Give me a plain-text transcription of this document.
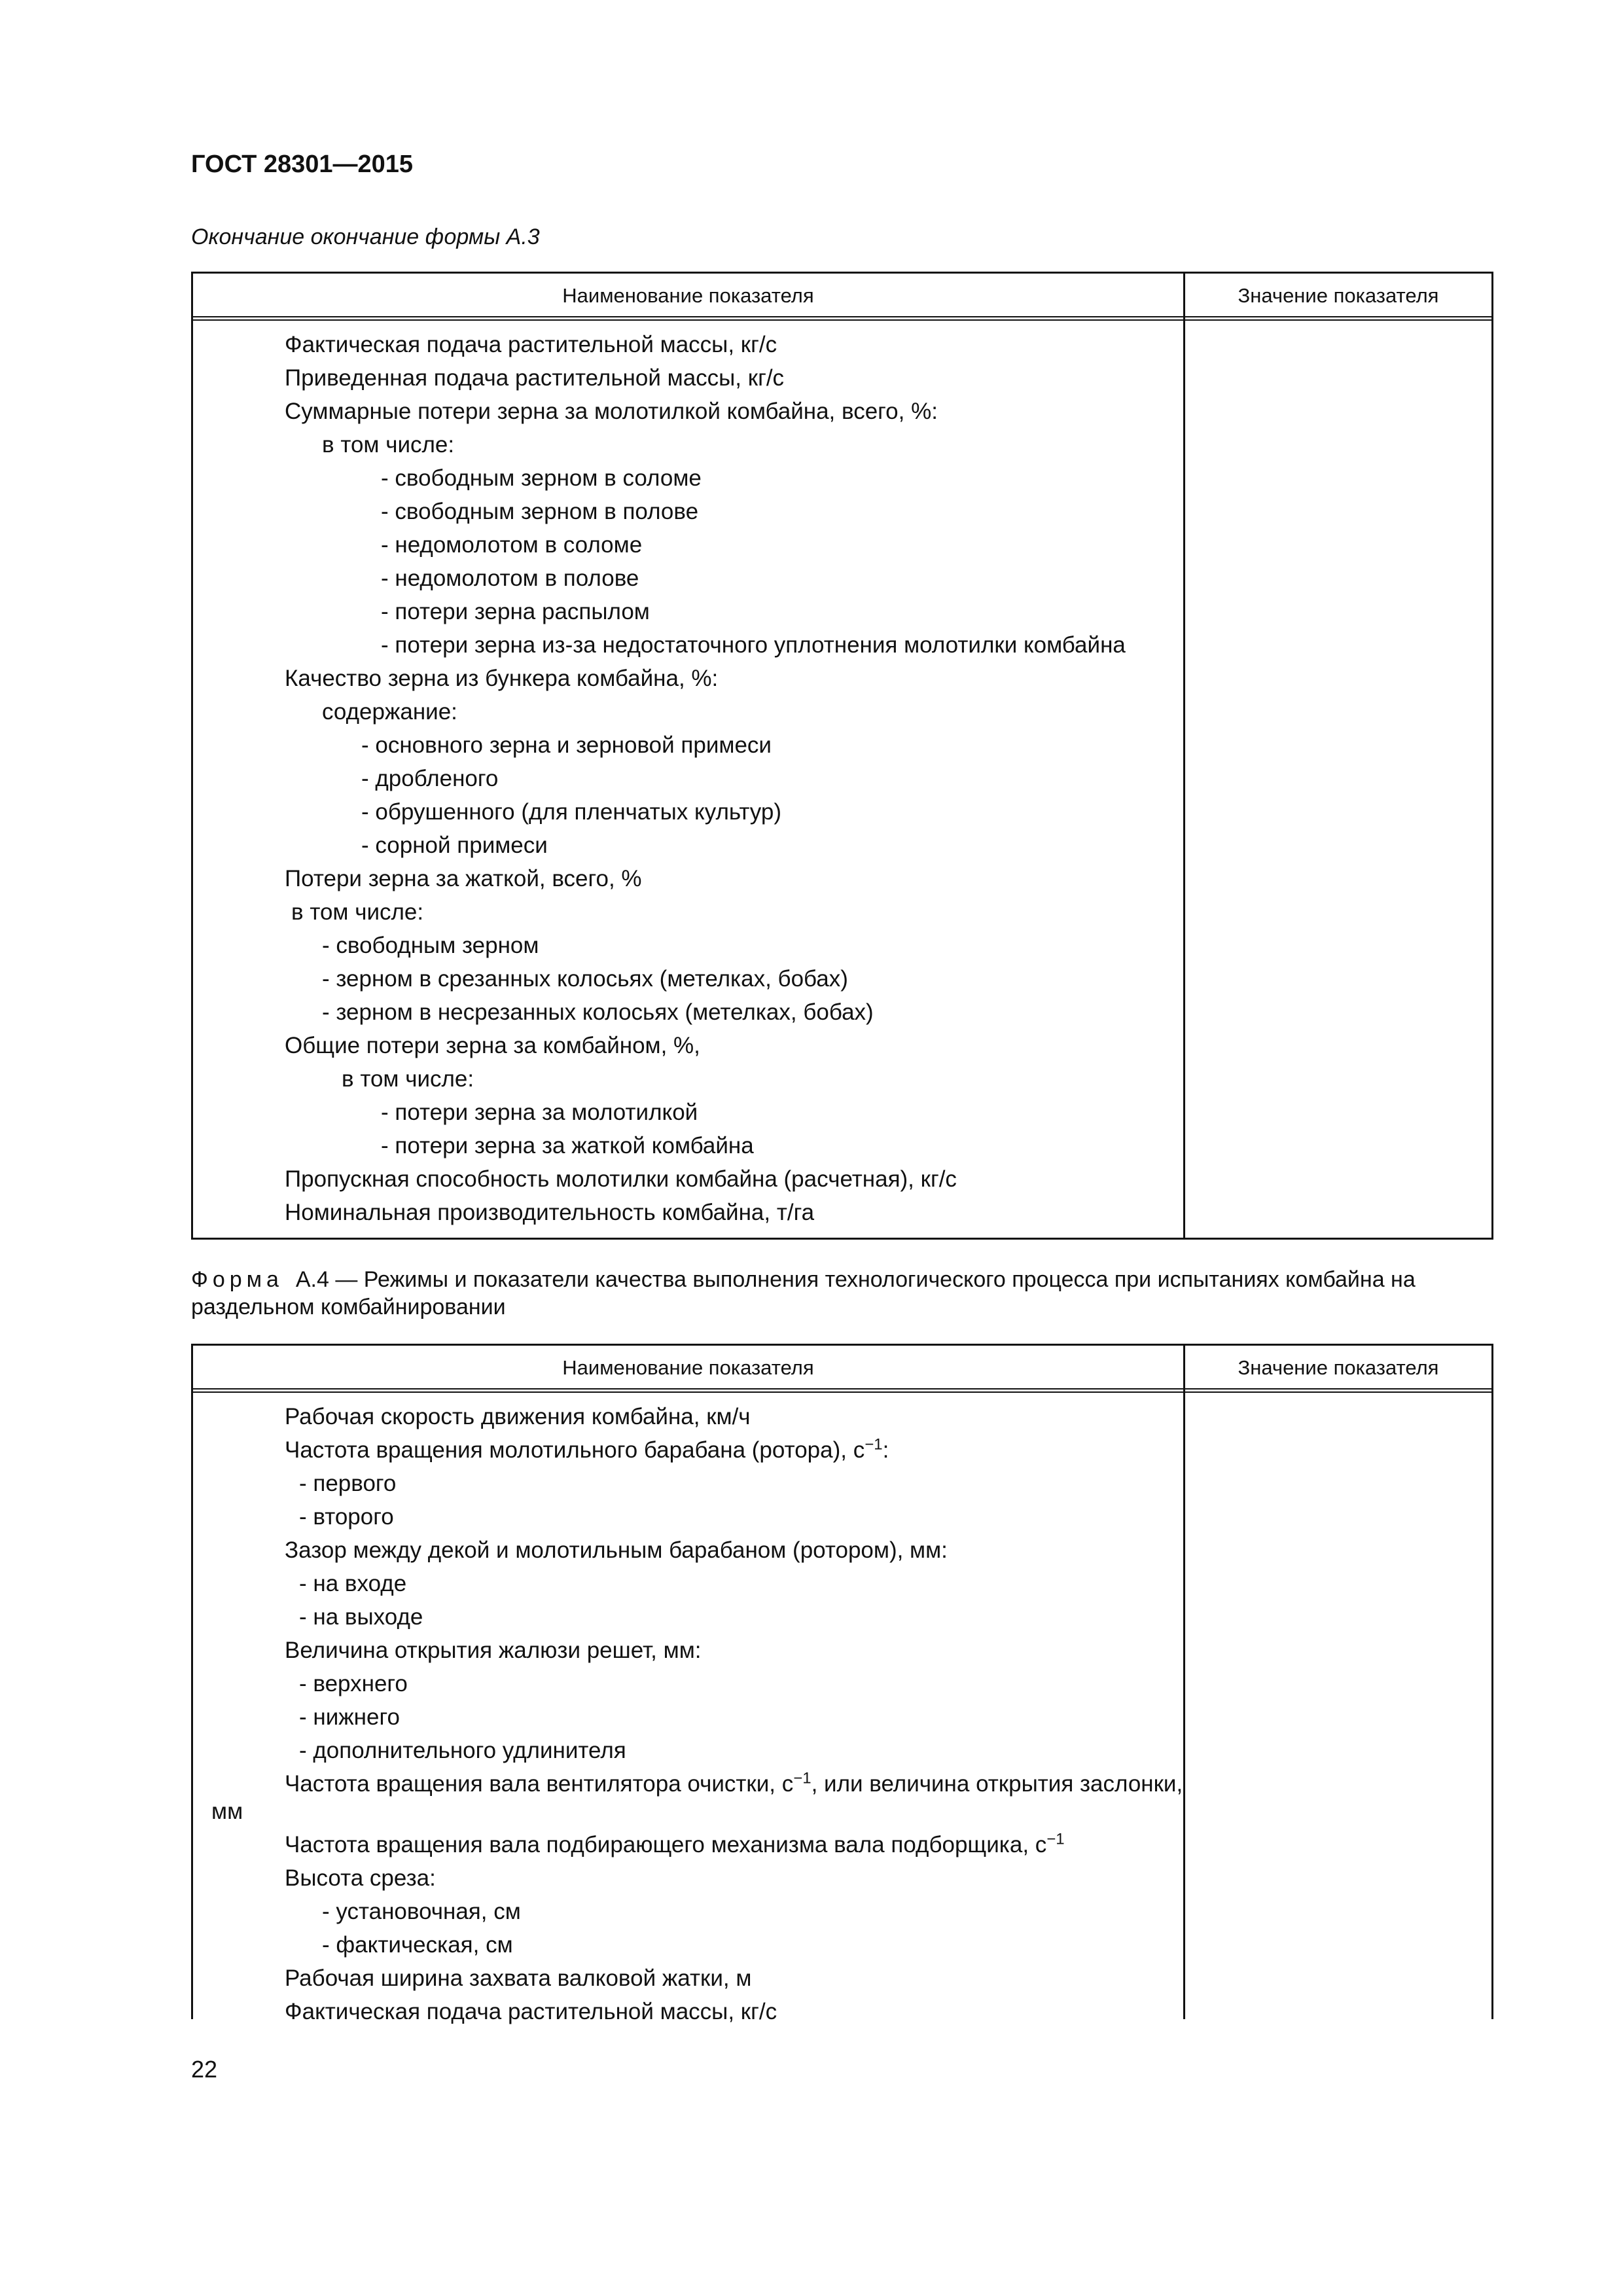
ГОСТ 28301—2015
Окончание окончание формы А.3
Наименование показателя	Значение показателя
Фактическая подача растительной массы, кг/с
Приведенная подача растительной массы, кг/с
Суммарные потери зерна за молотилкой комбайна, всего, %:
в том числе:
- свободным зерном в соломе
- свободным зерном в полове
- недомолотом в соломе
- недомолотом в полове
- потери зерна распылом
- потери зерна из-за недостаточного уплотнения молотилки комбайна
Качество зерна из бункера комбайна, %:
содержание:
- основного зерна и зерновой примеси
- дробленого
- обрушенного (для пленчатых культур)
- сорной примеси
Потери зерна за жаткой, всего, %
в том числе:
- свободным зерном
- зерном в срезанных колосьях (метелках, бобах)
- зерном в несрезанных колосьях (метелках, бобах)
Общие потери зерна за комбайном, %,
в том числе:
- потери зерна за молотилкой
- потери зерна за жаткой комбайна
Пропускная способность молотилки комбайна (расчетная), кг/с
Номинальная производительность комбайна, т/га
Форма А.4 — Режимы и показатели качества выполнения технологического процесса при испытаниях комбайна на раздельном комбайнировании
Наименование показателя	Значение показателя
Рабочая скорость движения комбайна, км/ч
Частота вращения молотильного барабана (ротора), $с^{-1}$:
- первого
- второго
Зазор между декой и молотильным барабаном (ротором), мм:
- на входе
- на выходе
Величина открытия жалюзи решет, мм:
- верхнего
- нижнего
- дополнительного удлинителя
Частота вращения вала вентилятора очистки, $с^{-1}$, или величина открытия заслонки, мм
Частота вращения вала подбирающего механизма вала подборщика, $с^{-1}$
Высота среза:
- установочная, см
- фактическая, см
Рабочая ширина захвата валковой жатки, м
Фактическая подача растительной массы, кг/с
22
